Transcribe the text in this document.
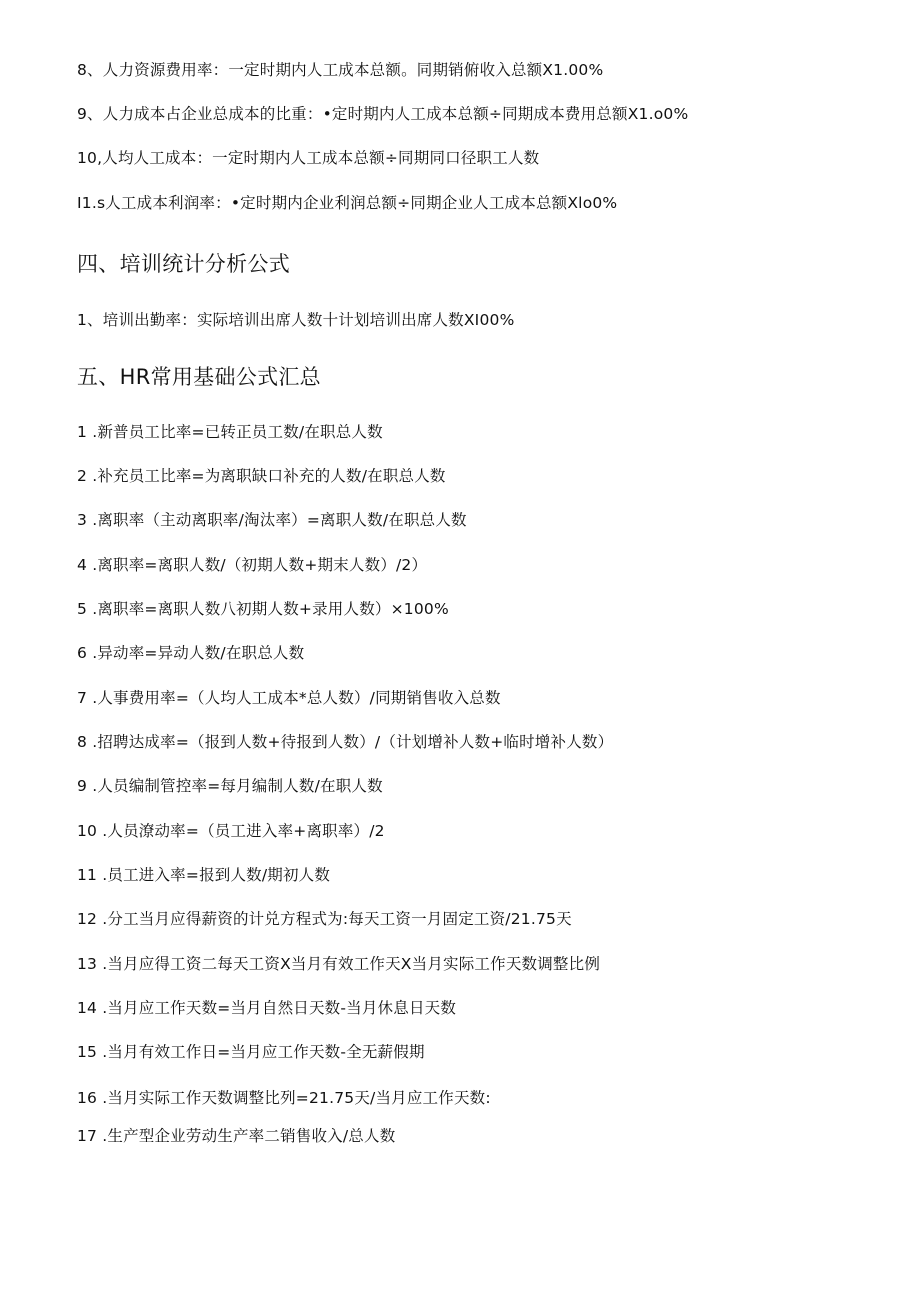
8、人力资源费用率：一定时期内人工成本总额。同期销俯收入总额X1.00%
9、人力成本占企业总成本的比重：•定时期内人工成本总额÷同期成本费用总额X1.o0%
10,人均人工成本：一定时期内人工成本总额÷同期同口径职工人数
I1.s人工成本利润率：•定时期内企业利润总额÷同期企业人工成本总额Xlo0%
四、培训统计分析公式
1、培训出勤率：实际培训出席人数十计划培训出席人数XI00%
五、HR常用基础公式汇总
1 .新普员工比率=已转正员工数/在职总人数
2 .补充员工比率=为离职缺口补充的人数/在职总人数
3 .离职率（主动离职率/淘汰率）=离职人数/在职总人数
4 .离职率=离职人数/（初期人数+期末人数）/2）
5 .离职率=离职人数八初期人数+录用人数）×100%
6 .异动率=异动人数/在职总人数
7 .人事费用率=（人均人工成本*总人数）/同期销售收入总数
8 .招聘达成率=（报到人数+待报到人数）/（计划增补人数+临时增补人数）
9 .人员编制管控率=每月编制人数/在职人数
10 .人员潦动率=（员工进入率+离职率）/2
11 .员工进入率=报到人数/期初人数
12 .分工当月应得薪资的计兑方程式为:每天工资一月固定工资/21.75天
13 .当月应得工资二每天工资X当月有效工作天X当月实际工作天数调整比例
14 .当月应工作天数=当月自然日天数-当月休息日天数
15 .当月有效工作日=当月应工作天数-全无薪假期
16 .当月实际工作天数调整比列=21.75天/当月应工作天数:
17 .生产型企业劳动生产率二销售收入/总人数
